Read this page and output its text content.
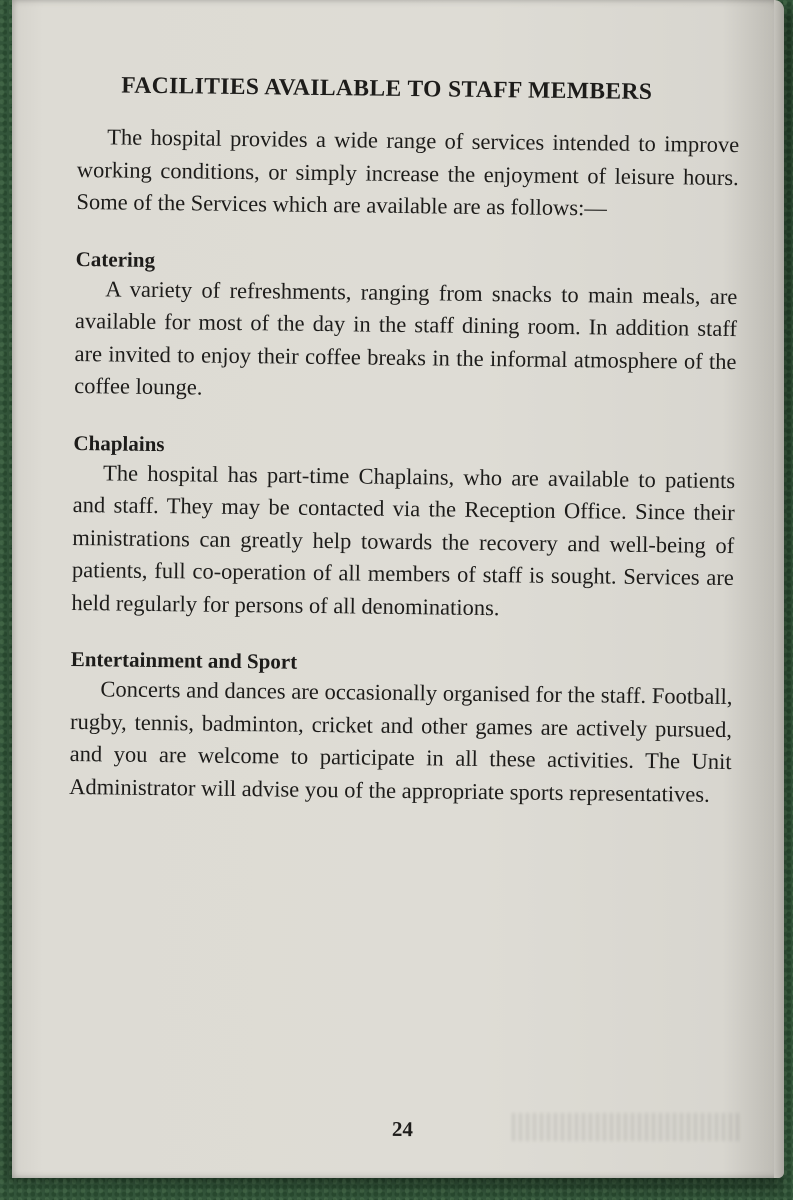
FACILITIES AVAILABLE TO STAFF MEMBERS

The hospital provides a wide range of services intended to improve working conditions, or simply increase the enjoyment of leisure hours. Some of the Services which are available are as follows:—

Catering

A variety of refreshments, ranging from snacks to main meals, are available for most of the day in the staff dining room. In addition staff are invited to enjoy their coffee breaks in the informal atmosphere of the coffee lounge.

Chaplains

The hospital has part-time Chaplains, who are available to patients and staff. They may be contacted via the Reception Office. Since their ministrations can greatly help towards the recovery and well-being of patients, full co-operation of all members of staff is sought. Services are held regularly for persons of all denominations.

Entertainment and Sport

Concerts and dances are occasionally organised for the staff. Football, rugby, tennis, badminton, cricket and other games are actively pursued, and you are welcome to participate in all these activities. The Unit Administrator will advise you of the appropriate sports representatives.

24
